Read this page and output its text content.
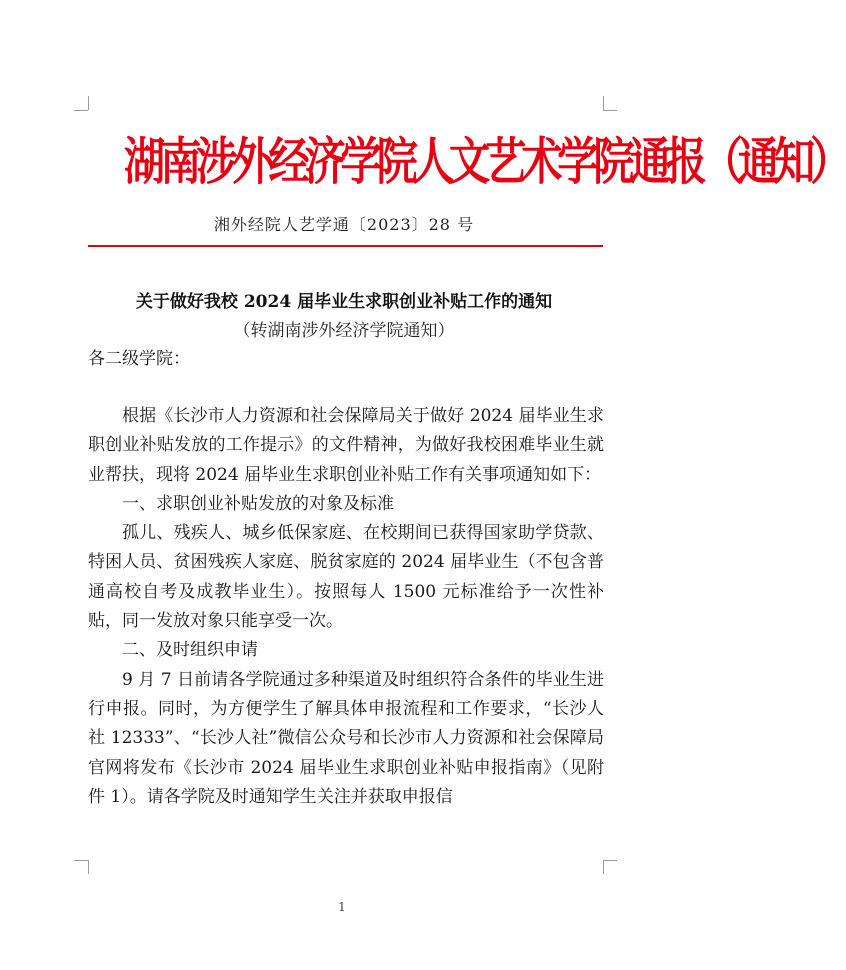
湖南涉外经济学院人文艺术学院通报（通知）
湘外经院人艺学通〔2023〕28 号
关于做好我校 2024 届毕业生求职创业补贴工作的通知
（转湖南涉外经济学院通知）
各二级学院：

根据《长沙市人力资源和社会保障局关于做好 2024 届毕业生求职创业补贴发放的工作提示》的文件精神，为做好我校困难毕业生就业帮扶，现将 2024 届毕业生求职创业补贴工作有关事项通知如下：

一、求职创业补贴发放的对象及标准

孤儿、残疾人、城乡低保家庭、在校期间已获得国家助学贷款、特困人员、贫困残疾人家庭、脱贫家庭的 2024 届毕业生（不包含普通高校自考及成教毕业生）。按照每人 1500 元标准给予一次性补贴，同一发放对象只能享受一次。

二、及时组织申请

9 月 7 日前请各学院通过多种渠道及时组织符合条件的毕业生进行申报。同时，为方便学生了解具体申报流程和工作要求，“长沙人社 12333”、“长沙人社”微信公众号和长沙市人力资源和社会保障局官网将发布《长沙市 2024 届毕业生求职创业补贴申报指南》（见附件 1）。请各学院及时通知学生关注并获取申报信

1
